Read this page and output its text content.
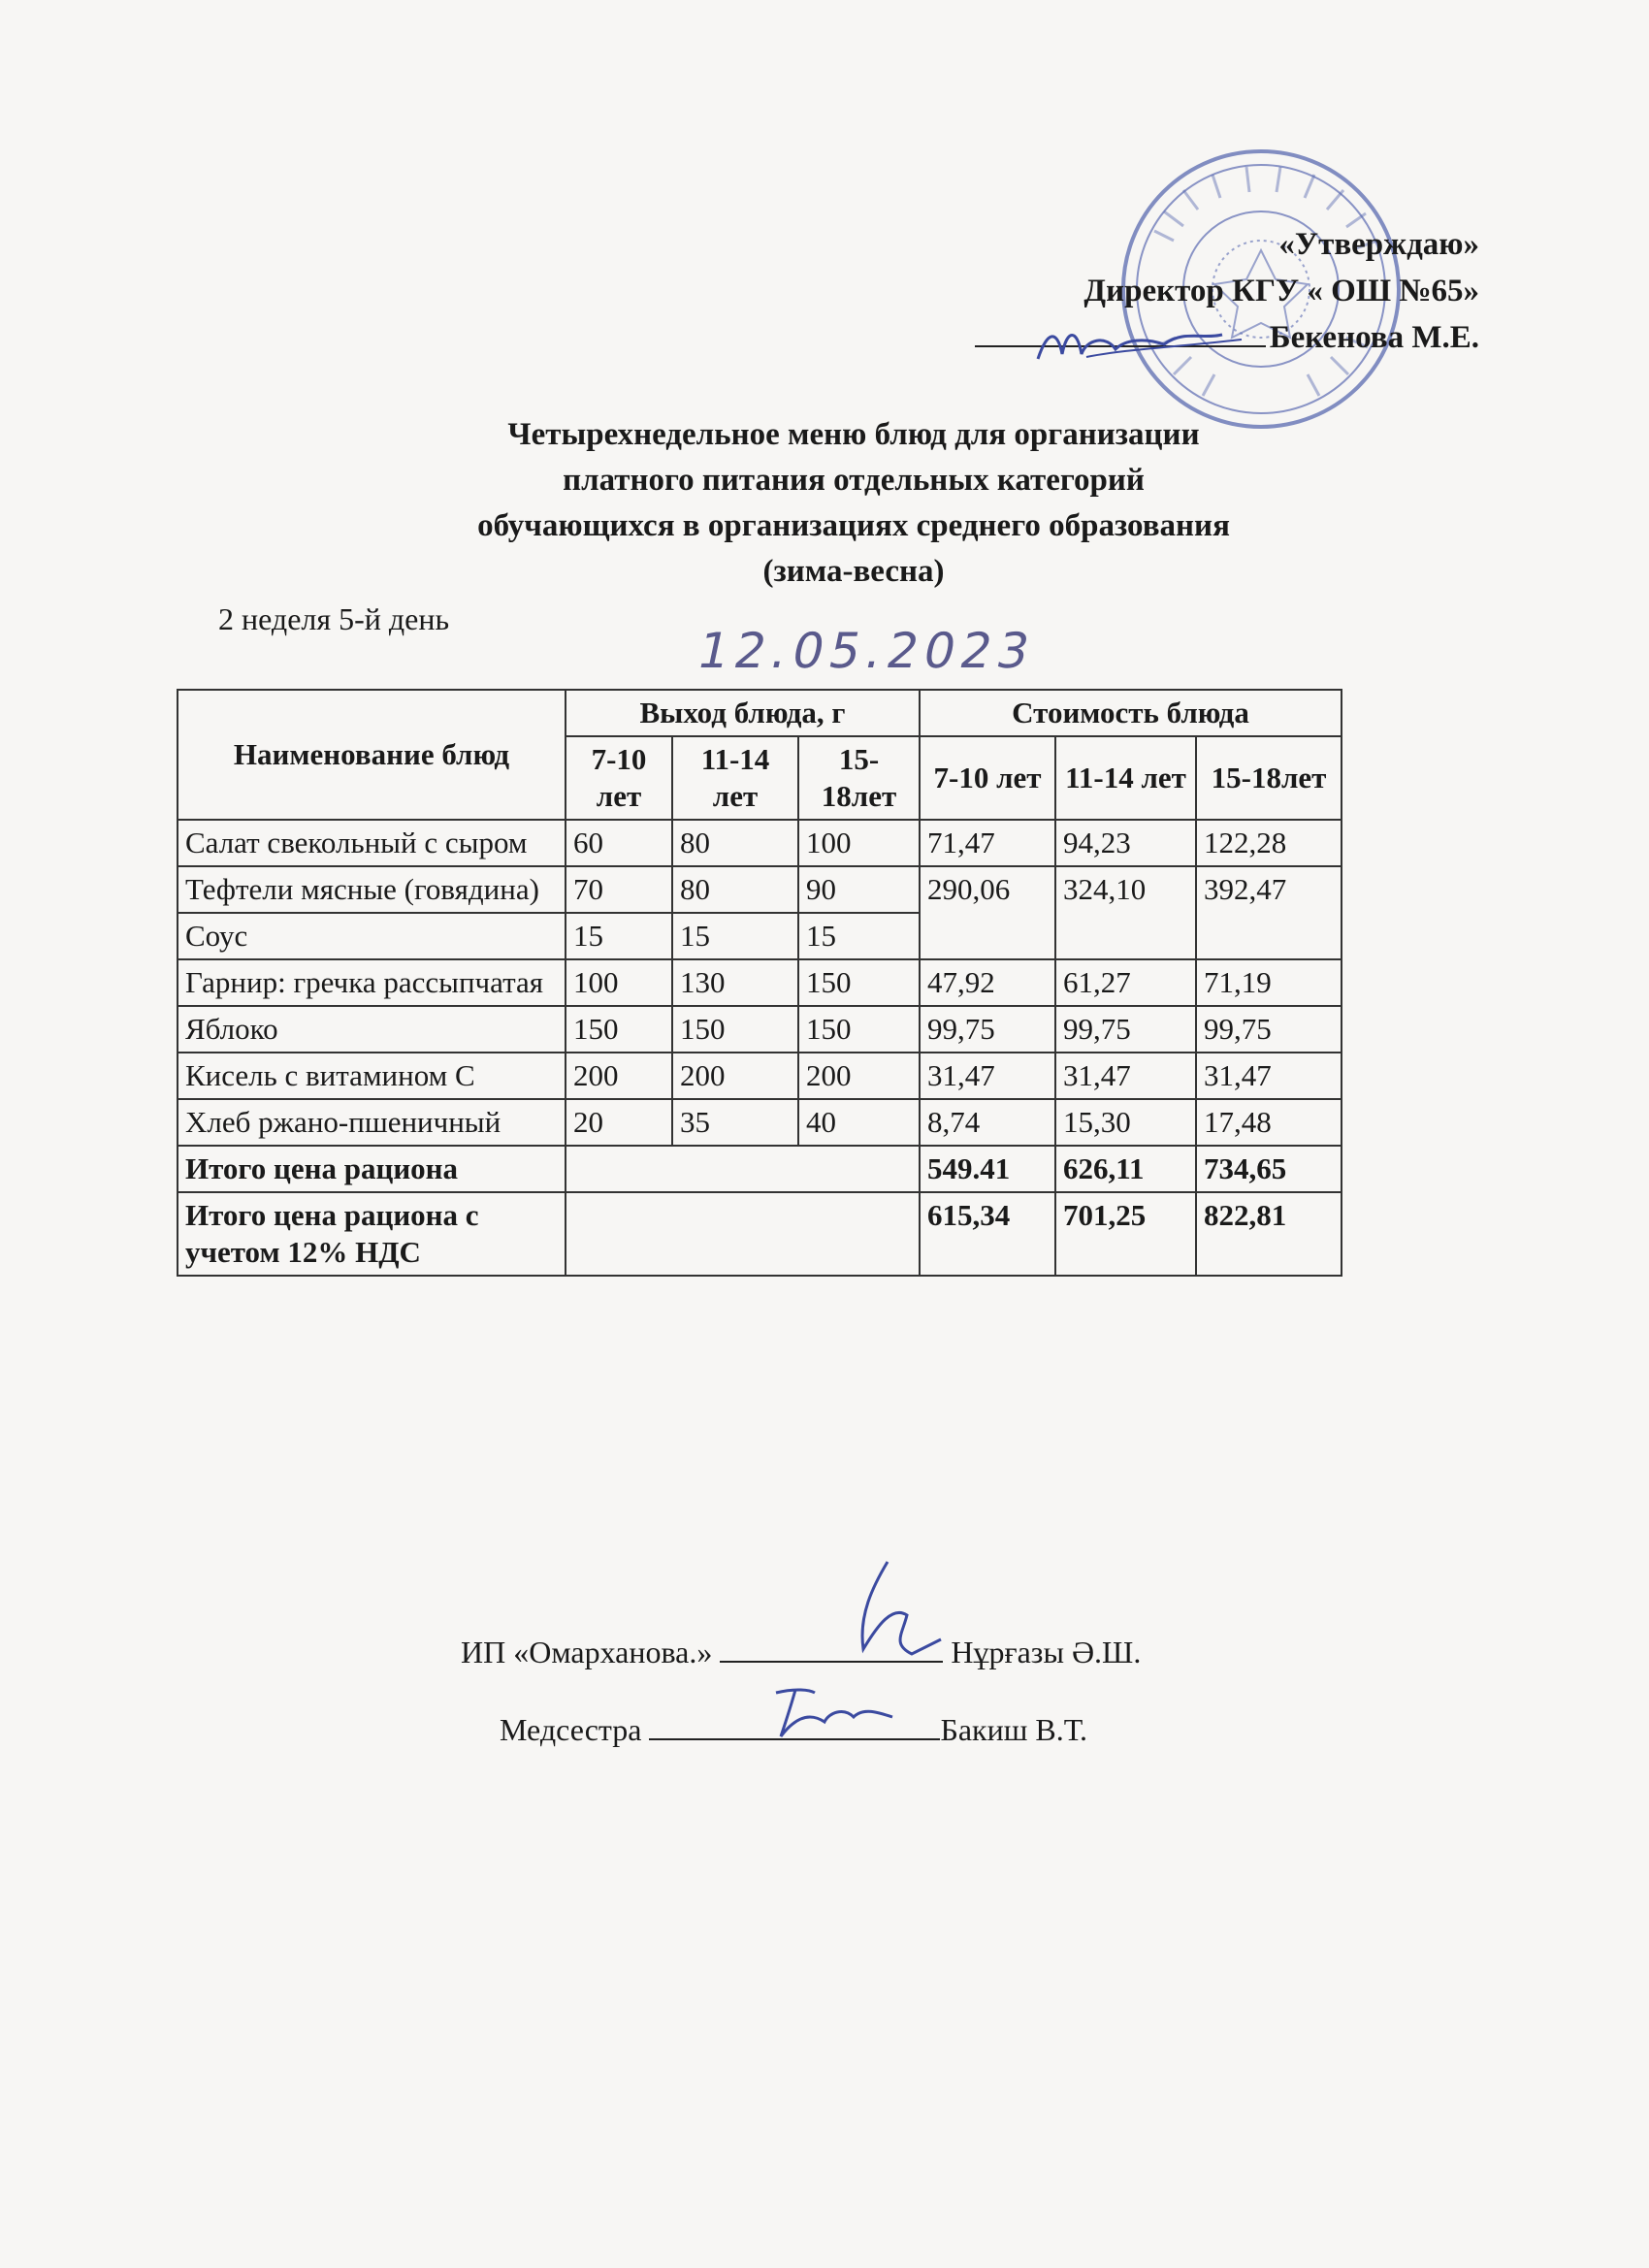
«Утверждаю»
Директор КГУ « ОШ №65»
Бекенова М.Е.
Четырехнедельное меню блюд для организации
платного питания отдельных категорий
обучающихся в организациях среднего образования
(зима-весна)
2 неделя 5-й день
12.05.2023
Наименование блюд	Выход блюда, г			Стоимость блюда		
	7-10 лет	11-14 лет	15-18лет	7-10 лет	11-14 лет	15-18лет
Салат свекольный с сыром	60	80	100	71,47	94,23	122,28
Тефтели мясные (говядина)	70	80	90	290,06	324,10	392,47
Соус	15	15	15			
Гарнир: гречка рассыпчатая	100	130	150	47,92	61,27	71,19
Яблоко	150	150	150	99,75	99,75	99,75
Кисель с витамином С	200	200	200	31,47	31,47	31,47
Хлеб ржано-пшеничный	20	35	40	8,74	15,30	17,48
Итого цена рациона				549.41	626,11	734,65
Итого цена рациона с учетом 12% НДС				615,34	701,25	822,81
ИП «Омарханова.»	Нұрғазы Ә.Ш.
Медсестра	Бакиш В.Т.
